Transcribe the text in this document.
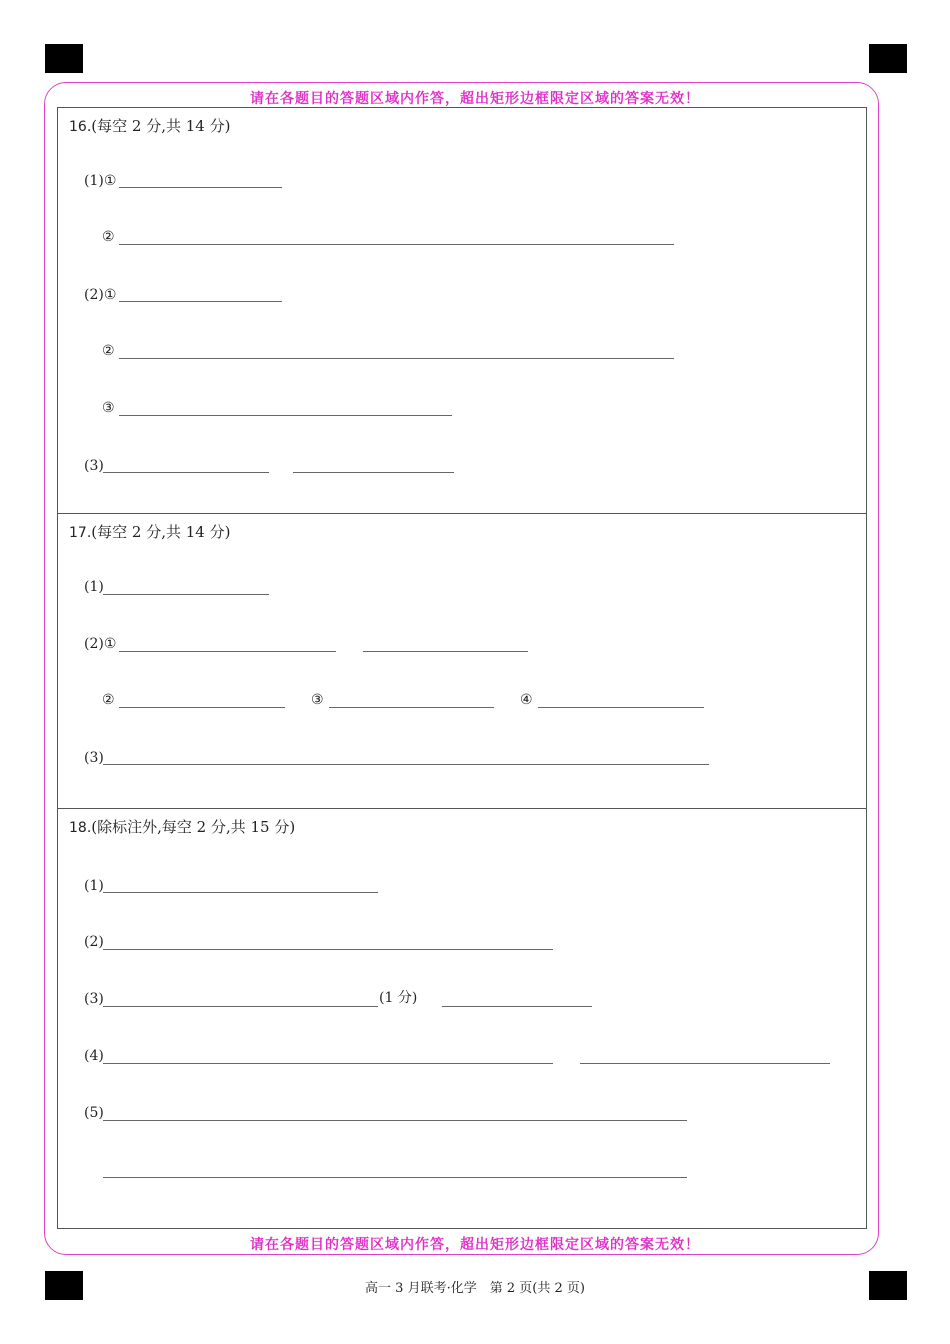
请在各题目的答题区域内作答，超出矩形边框限定区域的答案无效！
请在各题目的答题区域内作答，超出矩形边框限定区域的答案无效！
16.(每空 2 分,共 14 分)
(1)①
②
(2)①
②
③
(3)
17.(每空 2 分,共 14 分)
(1)
(2)①
②	③	④
(3)
18.(除标注外,每空 2 分,共 15 分)
(1)
(2)
(3)	(1 分)
(4)
(5)
高一 3 月联考·化学　第 2 页(共 2 页)
